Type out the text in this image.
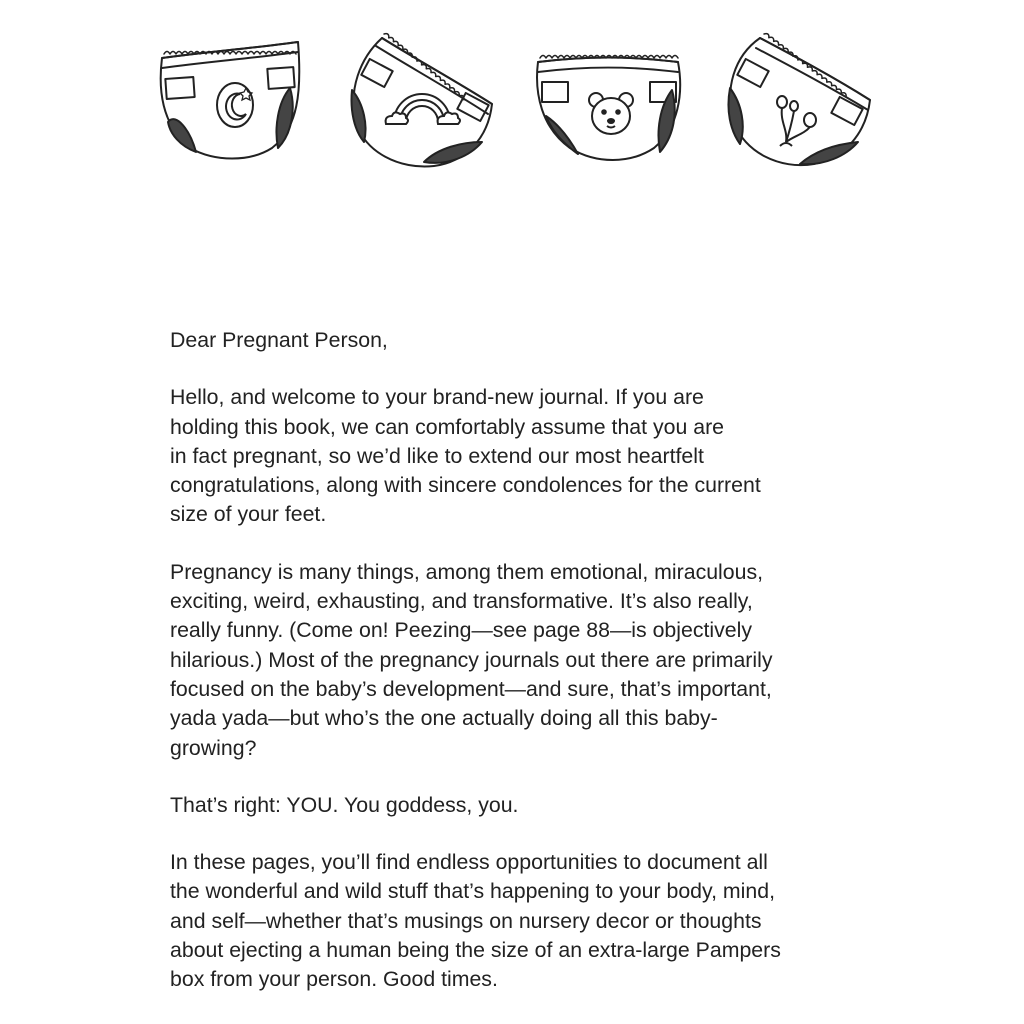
Dear Pregnant Person,

Hello, and welcome to your brand-new journal. If you are
holding this book, we can comfortably assume that you are
in fact pregnant, so we’d like to extend our most heartfelt
congratulations, along with sincere condolences for the current
size of your feet.

Pregnancy is many things, among them emotional, miraculous,
exciting, weird, exhausting, and transformative. It’s also really,
really funny. (Come on! Peezing—see page 88—is objectively
hilarious.) Most of the pregnancy journals out there are primarily
focused on the baby’s development—and sure, that’s important,
yada yada—but who’s the one actually doing all this baby-
growing?

That’s right: YOU. You goddess, you.

In these pages, you’ll find endless opportunities to document all
the wonderful and wild stuff that’s happening to your body, mind,
and self—whether that’s musings on nursery decor or thoughts
about ejecting a human being the size of an extra-large Pampers
box from your person. Good times.
